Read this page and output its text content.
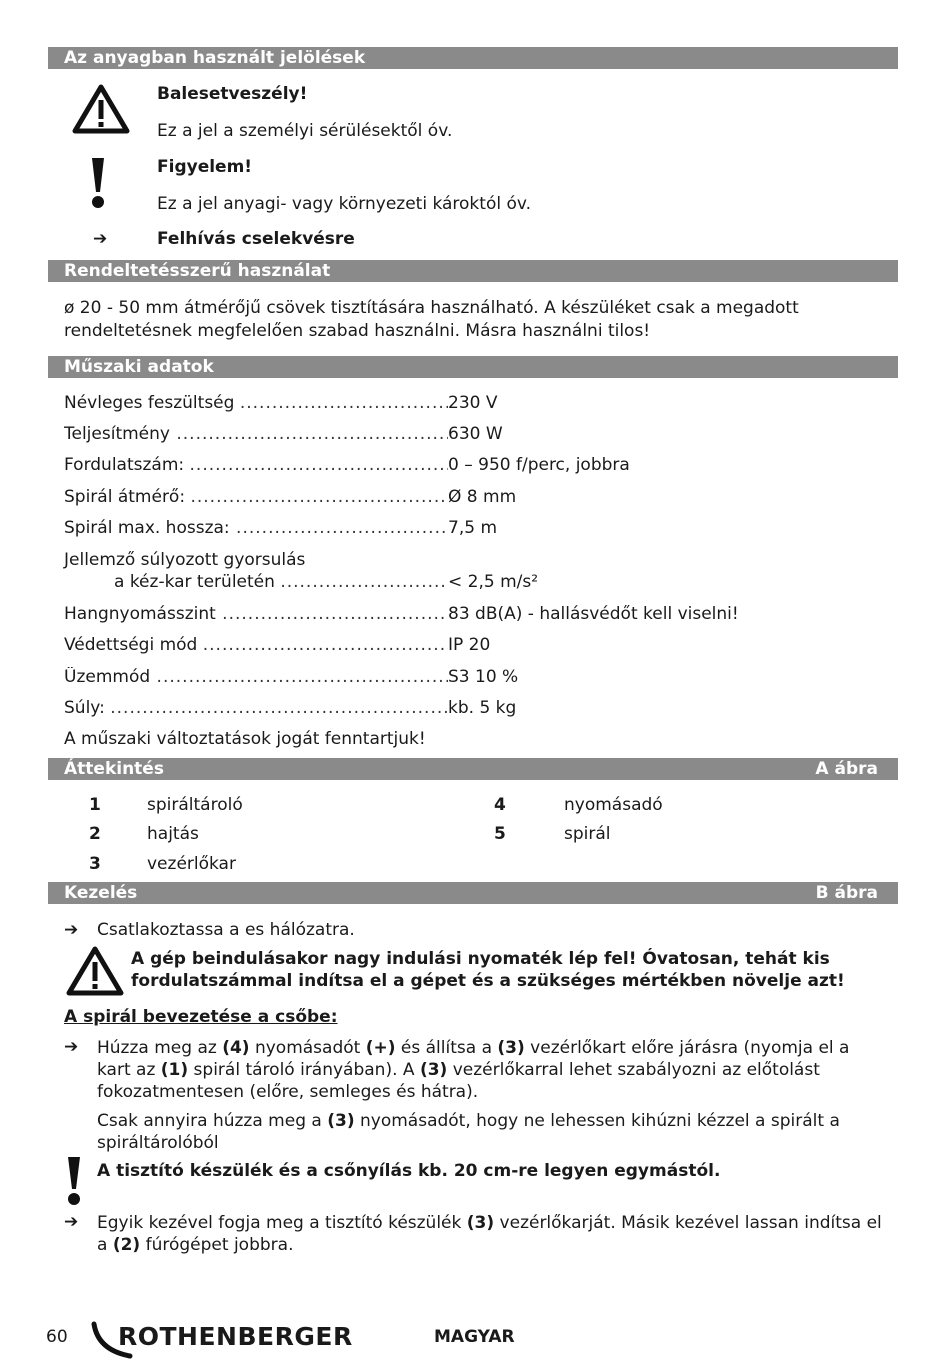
Az anyagban használt jelölések
Balesetveszély!
Ez a jel a személyi sérülésektől óv.
Figyelem!
Ez a jel anyagi- vagy környezeti károktól óv.
➔	Felhívás cselekvésre
Rendeltetésszerű használat
ø 20 - 50 mm átmérőjű csövek tisztítására használható. A készüléket csak a megadott rendeltetésnek megfelelően szabad használni. Másra használni tilos!
Műszaki adatok
Névleges feszültség .....	230 V
Teljesítmény .....	630 W
Fordulatszám: .....	0 – 950 f/perc, jobbra
Spirál átmérő: .....	Ø 8 mm
Spirál max. hossza: .....	7,5 m
Jellemző súlyozott gyorsulás
a kéz-kar területén .....	< 2,5 m/s²
Hangnyomásszint .....	83 dB(A) - hallásvédőt kell viselni!
Védettségi mód .....	IP 20
Üzemmód .....	S3 10 %
Súly: .....	kb. 5 kg
A műszaki változtatások jogát fenntartjuk!
Áttekintés	A ábra
1	spiráltároló
2	hajtás
3	vezérlőkar
4	nyomásadó
5	spirál
Kezelés	B ábra
➔ Csatlakoztassa a es hálózatra.
A gép beindulásakor nagy indulási nyomaték lép fel! Óvatosan, tehát kis fordulatszámmal indítsa el a gépet és a szükséges mértékben növelje azt!
A spirál bevezetése a csőbe:
➔ Húzza meg az (4) nyomásadót (+) és állítsa a (3) vezérlőkart előre járásra (nyomja el a kart az (1) spirál tároló irányában). A (3) vezérlőkarral lehet szabályozni az előtolást fokozatmentesen (előre, semleges és hátra).

Csak annyira húzza meg a (3) nyomásadót, hogy ne lehessen kihúzni kézzel a spirált a spiráltárolóból

A tisztító készülék és a csőnyílás kb. 20 cm-re legyen egymástól.
➔ Egyik kezével fogja meg a tisztító készülék (3) vezérlőkarját. Másik kezével lassan indítsa el a (2) fúrógépet jobbra.

60 ROTHENBERGER	MAGYAR
